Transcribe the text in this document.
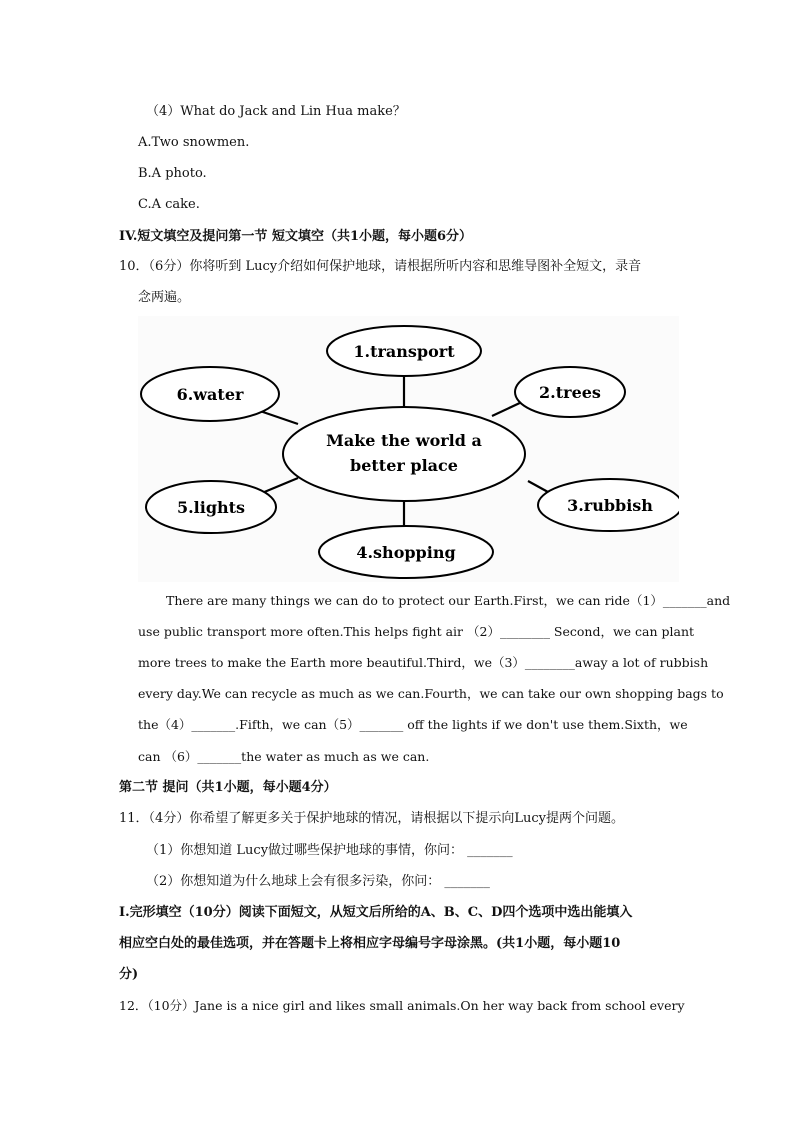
（4）What do Jack and Lin Hua make？
A.Two snowmen.
B.A photo.
C.A cake.
IV.短文填空及提问第一节 短文填空（共1小题，每小题6分）
10．（6分）你将听到 Lucy介绍如何保护地球，请根据所听内容和思维导图补全短文，录音
念两遍。
Make the world a
better place
1.transport
2.trees
3.rubbish
4.shopping
5.lights
6.water
There are many things we can do to protect our Earth.First，we can ride（1）_______and
use public transport more often.This helps fight air （2）________ Second，we can plant
more trees to make the Earth more beautiful.Third，we（3）________away a lot of rubbish
every day.We can recycle as much as we can.Fourth，we can take our own shopping bags to
the（4）_______.Fifth，we can（5）_______ off the lights if we don't use them.Sixth，we
can （6）_______the water as much as we can.
第二节 提问（共1小题，每小题4分）
11．（4分）你希望了解更多关于保护地球的情况，请根据以下提示向Lucy提两个问题。
（1）你想知道 Lucy做过哪些保护地球的事情，你问： _______
（2）你想知道为什么地球上会有很多污染，你问： _______
I.完形填空（10分）阅读下面短文，从短文后所给的A、B、C、D四个选项中选出能填入
相应空白处的最佳选项，并在答题卡上将相应字母编号字母涂黑。(共1小题，每小题10
分)
12．（10分）Jane is a nice girl and likes small animals.On her way back from school every
